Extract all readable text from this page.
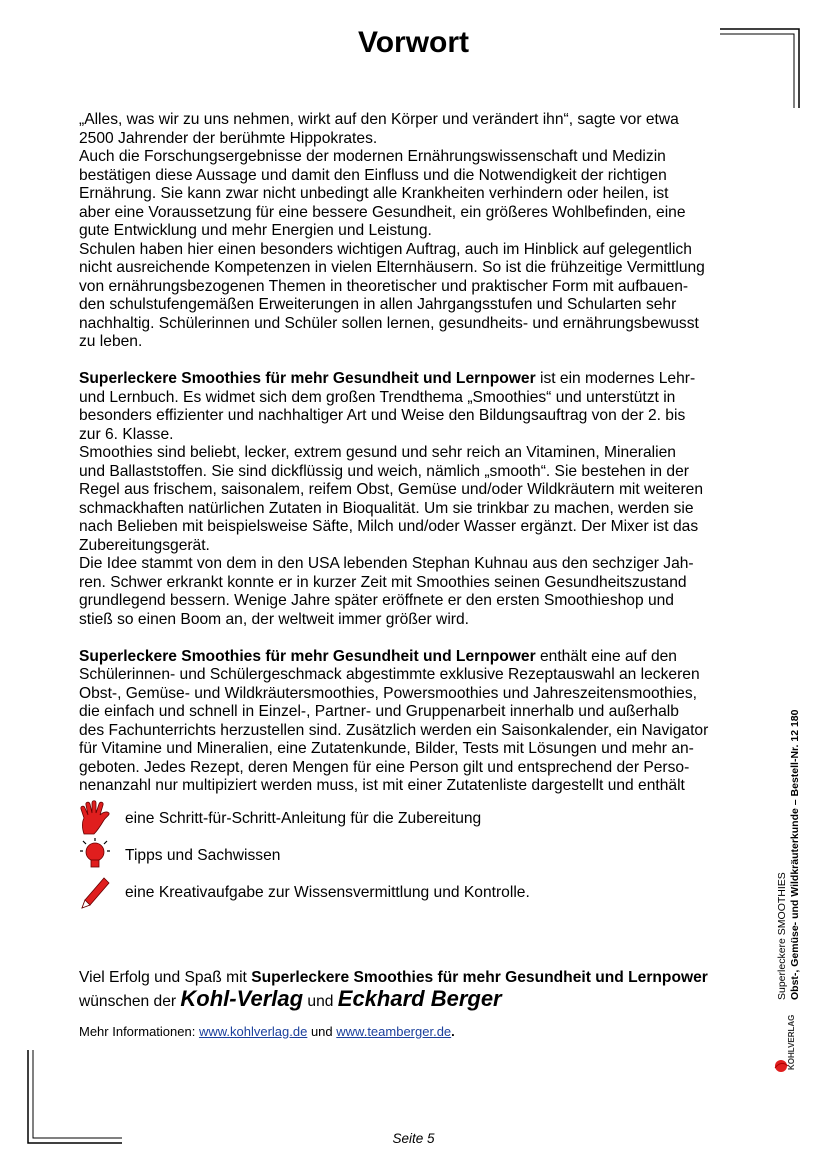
Vorwort

„Alles, was wir zu uns nehmen, wirkt auf den Körper und verändert ihn“, sagte vor etwa

2500 Jahrender der berühmte Hippokrates.

Auch die Forschungsergebnisse der modernen Ernährungswissenschaft und Medizin

bestätigen diese Aussage und damit den Einfluss und die Notwendigkeit der richtigen

Ernährung. Sie kann zwar nicht unbedingt alle Krankheiten verhindern oder heilen, ist

aber eine Voraussetzung für eine bessere Gesundheit, ein größeres Wohlbefinden, eine

gute Entwicklung und mehr Energien und Leistung.

Schulen haben hier einen besonders wichtigen Auftrag, auch im Hinblick auf gelegentlich

nicht ausreichende Kompetenzen in vielen Elternhäusern. So ist die frühzeitige Vermittlung

von ernährungsbezogenen Themen in theoretischer und praktischer Form mit aufbauen-

den schulstufengemäßen Erweiterungen in allen Jahrgangsstufen und Schularten sehr

nachhaltig. Schülerinnen und Schüler sollen lernen, gesundheits- und ernährungsbewusst

zu leben.

Superleckere Smoothies für mehr Gesundheit und Lernpower ist ein modernes Lehr-

und Lernbuch. Es widmet sich dem großen Trendthema „Smoothies“ und unterstützt in

besonders effizienter und nachhaltiger Art und Weise den Bildungsauftrag von der 2. bis

zur 6. Klasse.

Smoothies sind beliebt, lecker, extrem gesund und sehr reich an Vitaminen, Mineralien

und Ballaststoffen. Sie sind dickflüssig und weich, nämlich „smooth“. Sie bestehen in der

Regel aus frischem, saisonalem, reifem Obst, Gemüse und/oder Wildkräutern mit weiteren

schmackhaften natürlichen Zutaten in Bioqualität. Um sie trinkbar zu machen, werden sie

nach Belieben mit beispielsweise Säfte, Milch und/oder Wasser ergänzt. Der Mixer ist das

Zubereitungsgerät.

Die Idee stammt von dem in den USA lebenden Stephan Kuhnau aus den sechziger Jah-

ren. Schwer erkrankt konnte er in kurzer Zeit mit Smoothies seinen Gesundheitszustand

grundlegend bessern. Wenige Jahre später eröffnete er den ersten Smoothieshop und

stieß so einen Boom an, der weltweit immer größer wird.

Superleckere Smoothies für mehr Gesundheit und Lernpower enthält eine auf den

Schülerinnen- und Schülergeschmack abgestimmte exklusive Rezeptauswahl an leckeren

Obst-, Gemüse- und Wildkräutersmoothies, Powersmoothies und Jahreszeitensmoothies,

die einfach und schnell in Einzel-, Partner- und Gruppenarbeit innerhalb und außerhalb

des Fachunterrichts herzustellen sind. Zusätzlich werden ein Saisonkalender, ein Navigator

für Vitamine und Mineralien, eine Zutatenkunde, Bilder, Tests mit Lösungen und mehr an-

geboten. Jedes Rezept, deren Mengen für eine Person gilt und entsprechend der Perso-

nenanzahl nur multipiziert werden muss, ist mit einer Zutatenliste dargestellt und enthält

eine Schritt-für-Schritt-Anleitung für die Zubereitung
Tipps und Sachwissen
eine Kreativaufgabe zur Wissensvermittlung und Kontrolle.
Viel Erfolg und Spaß mit Superleckere Smoothies für mehr Gesundheit und Lernpower
wünschen der Kohl-Verlag und Eckhard Berger
Mehr Informationen: www.kohlverlag.de und www.teamberger.de.
Superleckere SMOOTHIES Obst-, Gemüse- und Wildkräuterkunde – Bestell-Nr. 12 180
KOHLVERLAG
Seite 5
